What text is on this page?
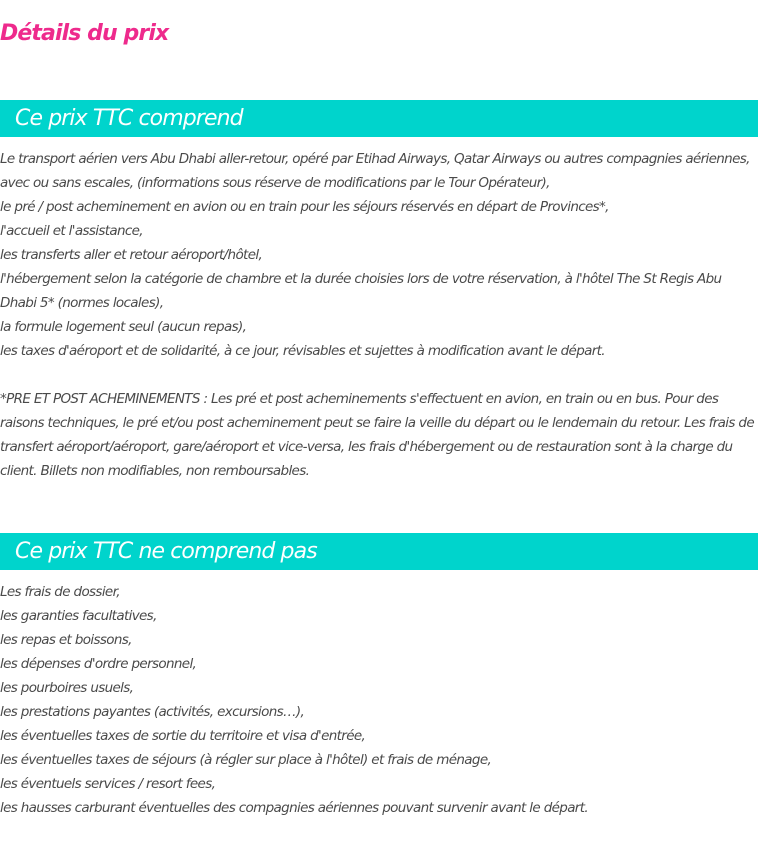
Détails du prix
Ce prix TTC comprend

Le transport aérien vers Abu Dhabi aller-retour, opéré par Etihad Airways, Qatar Airways ou autres compagnies aériennes, avec ou sans escales, (informations sous réserve de modifications par le Tour Opérateur),

le pré / post acheminement en avion ou en train pour les séjours réservés en départ de Provinces*,

l'accueil et l'assistance,

les transferts aller et retour aéroport/hôtel,

l'hébergement selon la catégorie de chambre et la durée choisies lors de votre réservation, à l'hôtel The St Regis Abu Dhabi 5* (normes locales),

la formule logement seul (aucun repas),

les taxes d'aéroport et de solidarité, à ce jour, révisables et sujettes à modification avant le départ.

*PRE ET POST ACHEMINEMENTS : Les pré et post acheminements s'effectuent en avion, en train ou en bus. Pour des raisons techniques, le pré et/ou post acheminement peut se faire la veille du départ ou le lendemain du retour. Les frais de transfert aéroport/aéroport, gare/aéroport et vice-versa, les frais d'hébergement ou de restauration sont à la charge du client. Billets non modifiables, non remboursables.

Ce prix TTC ne comprend pas

Les frais de dossier,

les garanties facultatives,

les repas et boissons,

les dépenses d'ordre personnel,

les pourboires usuels,

les prestations payantes (activités, excursions…),

les éventuelles taxes de sortie du territoire et visa d'entrée,

les éventuelles taxes de séjours (à régler sur place à l'hôtel) et frais de ménage,

les éventuels services / resort fees,

les hausses carburant éventuelles des compagnies aériennes pouvant survenir avant le départ.
